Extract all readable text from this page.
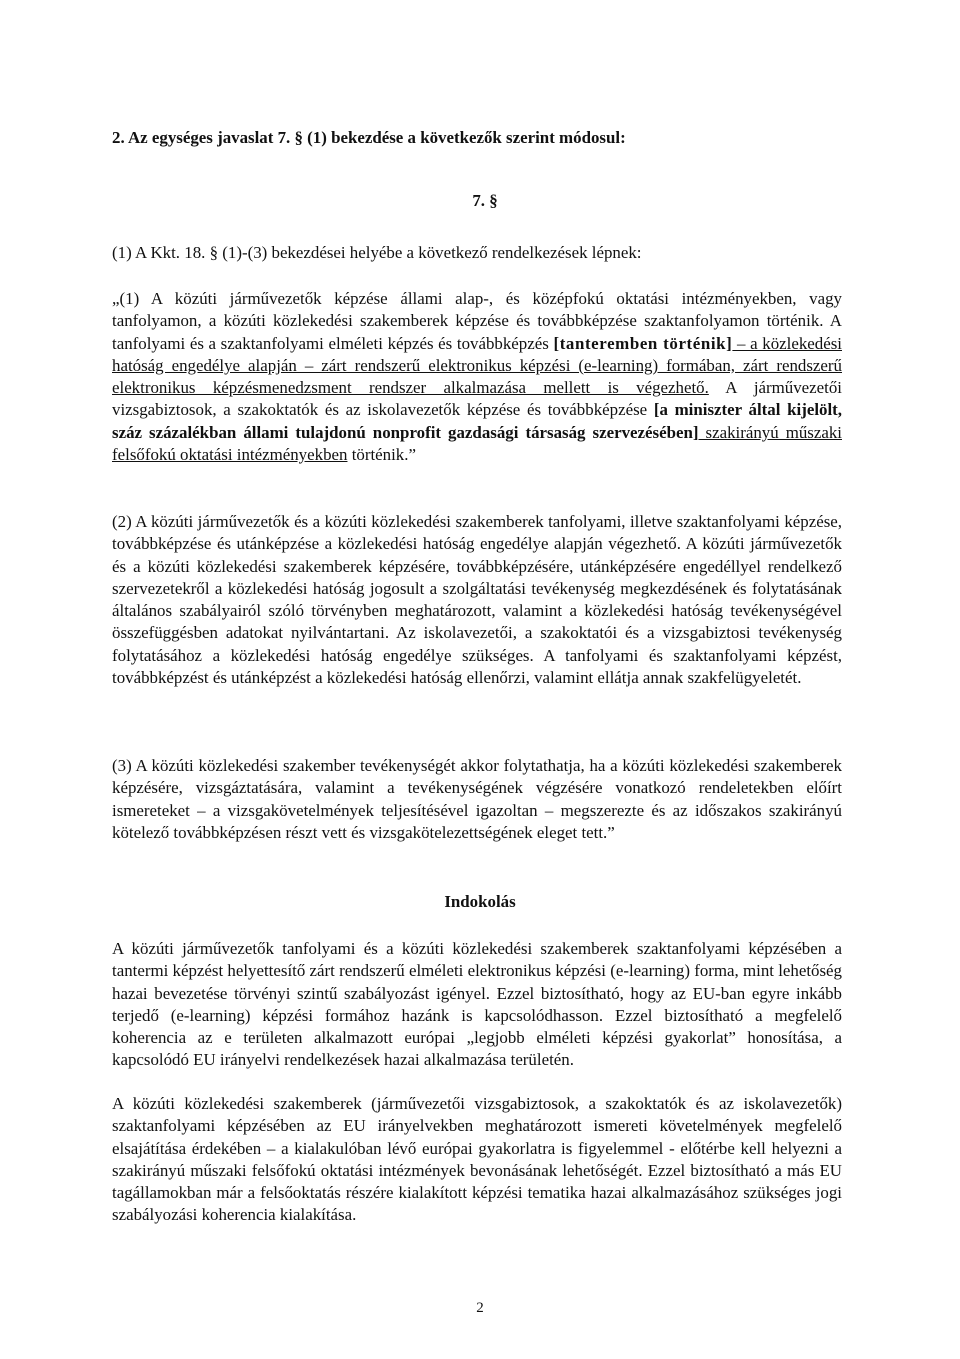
2. Az egységes javaslat 7. § (1) bekezdése a következők szerint módosul:
7. §
(1) A Kkt. 18. § (1)-(3) bekezdései helyébe a következő rendelkezések lépnek:
„(1) A közúti járművezetők képzése állami alap-, és középfokú oktatási intézményekben, vagy tanfolyamon, a közúti közlekedési szakemberek képzése és továbbképzése szaktanfolyamon történik. A tanfolyami és a szaktanfolyami elméleti képzés és továbbképzés [tanteremben történik] – a közlekedési hatóság engedélye alapján – zárt rendszerű elektronikus képzési (e-learning) formában, zárt rendszerű elektronikus képzésmenedzsment rendszer alkalmazása mellett is végezhető. A járművezetői vizsgabiztosok, a szakoktatók és az iskolavezetők képzése és továbbképzése [a miniszter által kijelölt, száz százalékban állami tulajdonú nonprofit gazdasági társaság szervezésében] szakirányú műszaki felsőfokú oktatási intézményekben történik.”
(2) A közúti járművezetők és a közúti közlekedési szakemberek tanfolyami, illetve szaktanfolyami képzése, továbbképzése és utánképzése a közlekedési hatóság engedélye alapján végezhető. A közúti járművezetők és a közúti közlekedési szakemberek képzésére, továbbképzésére, utánképzésére engedéllyel rendelkező szervezetekről a közlekedési hatóság jogosult a szolgáltatási tevékenység megkezdésének és folytatásának általános szabályairól szóló törvényben meghatározott, valamint a közlekedési hatóság tevékenységével összefüggésben adatokat nyilvántartani. Az iskolavezetői, a szakoktatói és a vizsgabiztosi tevékenység folytatásához a közlekedési hatóság engedélye szükséges. A tanfolyami és szaktanfolyami képzést, továbbképzést és utánképzést a közlekedési hatóság ellenőrzi, valamint ellátja annak szakfelügyeletét.
(3) A közúti közlekedési szakember tevékenységét akkor folytathatja, ha a közúti közlekedési szakemberek képzésére, vizsgáztatására, valamint a tevékenységének végzésére vonatkozó rendeletekben előírt ismereteket – a vizsgakövetelmények teljesítésével igazoltan – megszerezte és az időszakos szakirányú kötelező továbbképzésen részt vett és vizsgakötelezettségének eleget tett.”
Indokolás
A közúti járművezetők tanfolyami és a közúti közlekedési szakemberek szaktanfolyami képzésében a tantermi képzést helyettesítő zárt rendszerű elméleti elektronikus képzési (e-learning) forma, mint lehetőség hazai bevezetése törvényi szintű szabályozást igényel. Ezzel biztosítható, hogy az EU-ban egyre inkább terjedő (e-learning) képzési formához hazánk is kapcsolódhasson. Ezzel biztosítható a megfelelő koherencia az e területen alkalmazott európai „legjobb elméleti képzési gyakorlat” honosítása, a kapcsolódó EU irányelvi rendelkezések hazai alkalmazása területén.
A közúti közlekedési szakemberek (járművezetői vizsgabiztosok, a szakoktatók és az iskolavezetők) szaktanfolyami képzésében az EU irányelvekben meghatározott ismereti követelmények megfelelő elsajátítása érdekében – a kialakulóban lévő európai gyakorlatra is figyelemmel - előtérbe kell helyezni a szakirányú műszaki felsőfokú oktatási intézmények bevonásának lehetőségét. Ezzel biztosítható a más EU tagállamokban már a felsőoktatás részére kialakított képzési tematika hazai alkalmazásához szükséges jogi szabályozási koherencia kialakítása.
2
